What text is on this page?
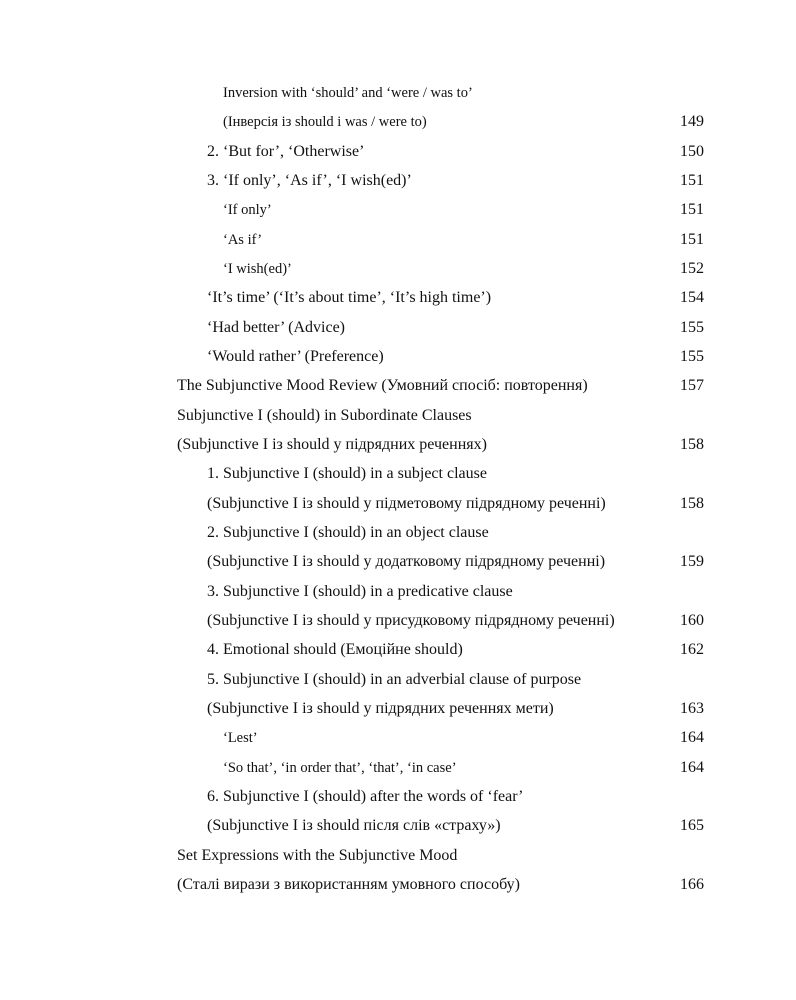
Inversion with ‘should’ and ‘were / was to’
(Інверсія із should і was / were to)	149
2. ‘But for’, ‘Otherwise’	150
3. ‘If only’, ‘As if’, ‘I wish(ed)’	151
‘If only’	151
‘As if’	151
‘I wish(ed)’	152
‘It’s time’ (‘It’s about time’, ‘It’s high time’)	154
‘Had better’ (Advice)	155
‘Would rather’ (Preference)	155
The Subjunctive Mood Review (Умовний спосіб: повторення)	157
Subjunctive I (should) in Subordinate Clauses
(Subjunctive I із should у підрядних реченнях)	158
1. Subjunctive I (should) in a subject clause
(Subjunctive I із should у підметовому підрядному реченні)	158
2. Subjunctive I (should) in an object clause
(Subjunctive I із should у додатковому підрядному реченні)	159
3. Subjunctive I (should) in a predicative clause
(Subjunctive I із should у присудковому підрядному реченні)	160
4. Emotional should (Емоційне should)	162
5. Subjunctive I (should) in an adverbial clause of purpose
(Subjunctive I із should у підрядних реченнях мети)	163
‘Lest’	164
‘So that’, ‘in order that’, ‘that’, ‘in case’	164
6. Subjunctive I (should) after the words of ‘fear’
(Subjunctive I із should після слів «страху»)	165
Set Expressions with the Subjunctive Mood
(Сталі вирази з використанням умовного способу)	166
